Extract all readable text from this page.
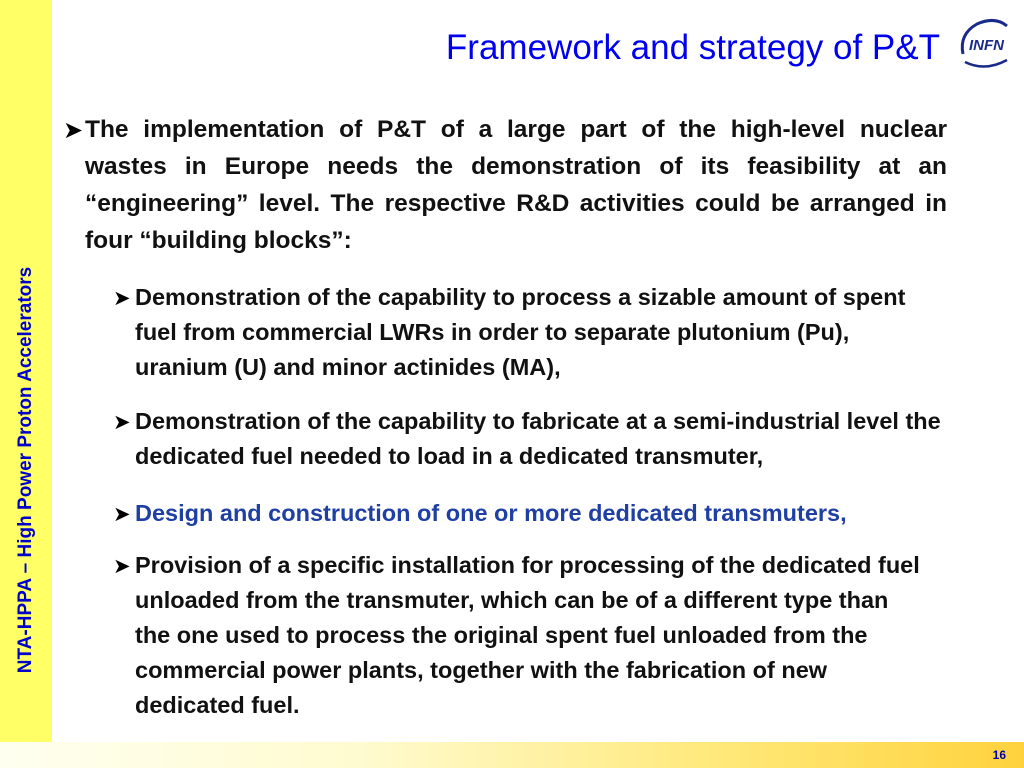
NTA-HPPA – High Power Proton Accelerators
Framework and strategy of P&T INFN
➤ The implementation of P&T of a large part of the high-level nuclear wastes in Europe needs the demonstration of its feasibility at an “engineering” level. The respective R&D activities could be arranged in four “building blocks”:
➤ Demonstration of the capability to process a sizable amount of spent fuel from commercial LWRs in order to separate plutonium (Pu), uranium (U) and minor actinides (MA),
➤ Demonstration of the capability to fabricate at a semi-industrial level the dedicated fuel needed to load in a dedicated transmuter,
➤ Design and construction of one or more dedicated transmuters,
➤ Provision of a specific installation for processing of the dedicated fuel unloaded from the transmuter, which can be of a different type than the one used to process the original spent fuel unloaded from the commercial power plants, together with the fabrication of new dedicated fuel.
16
